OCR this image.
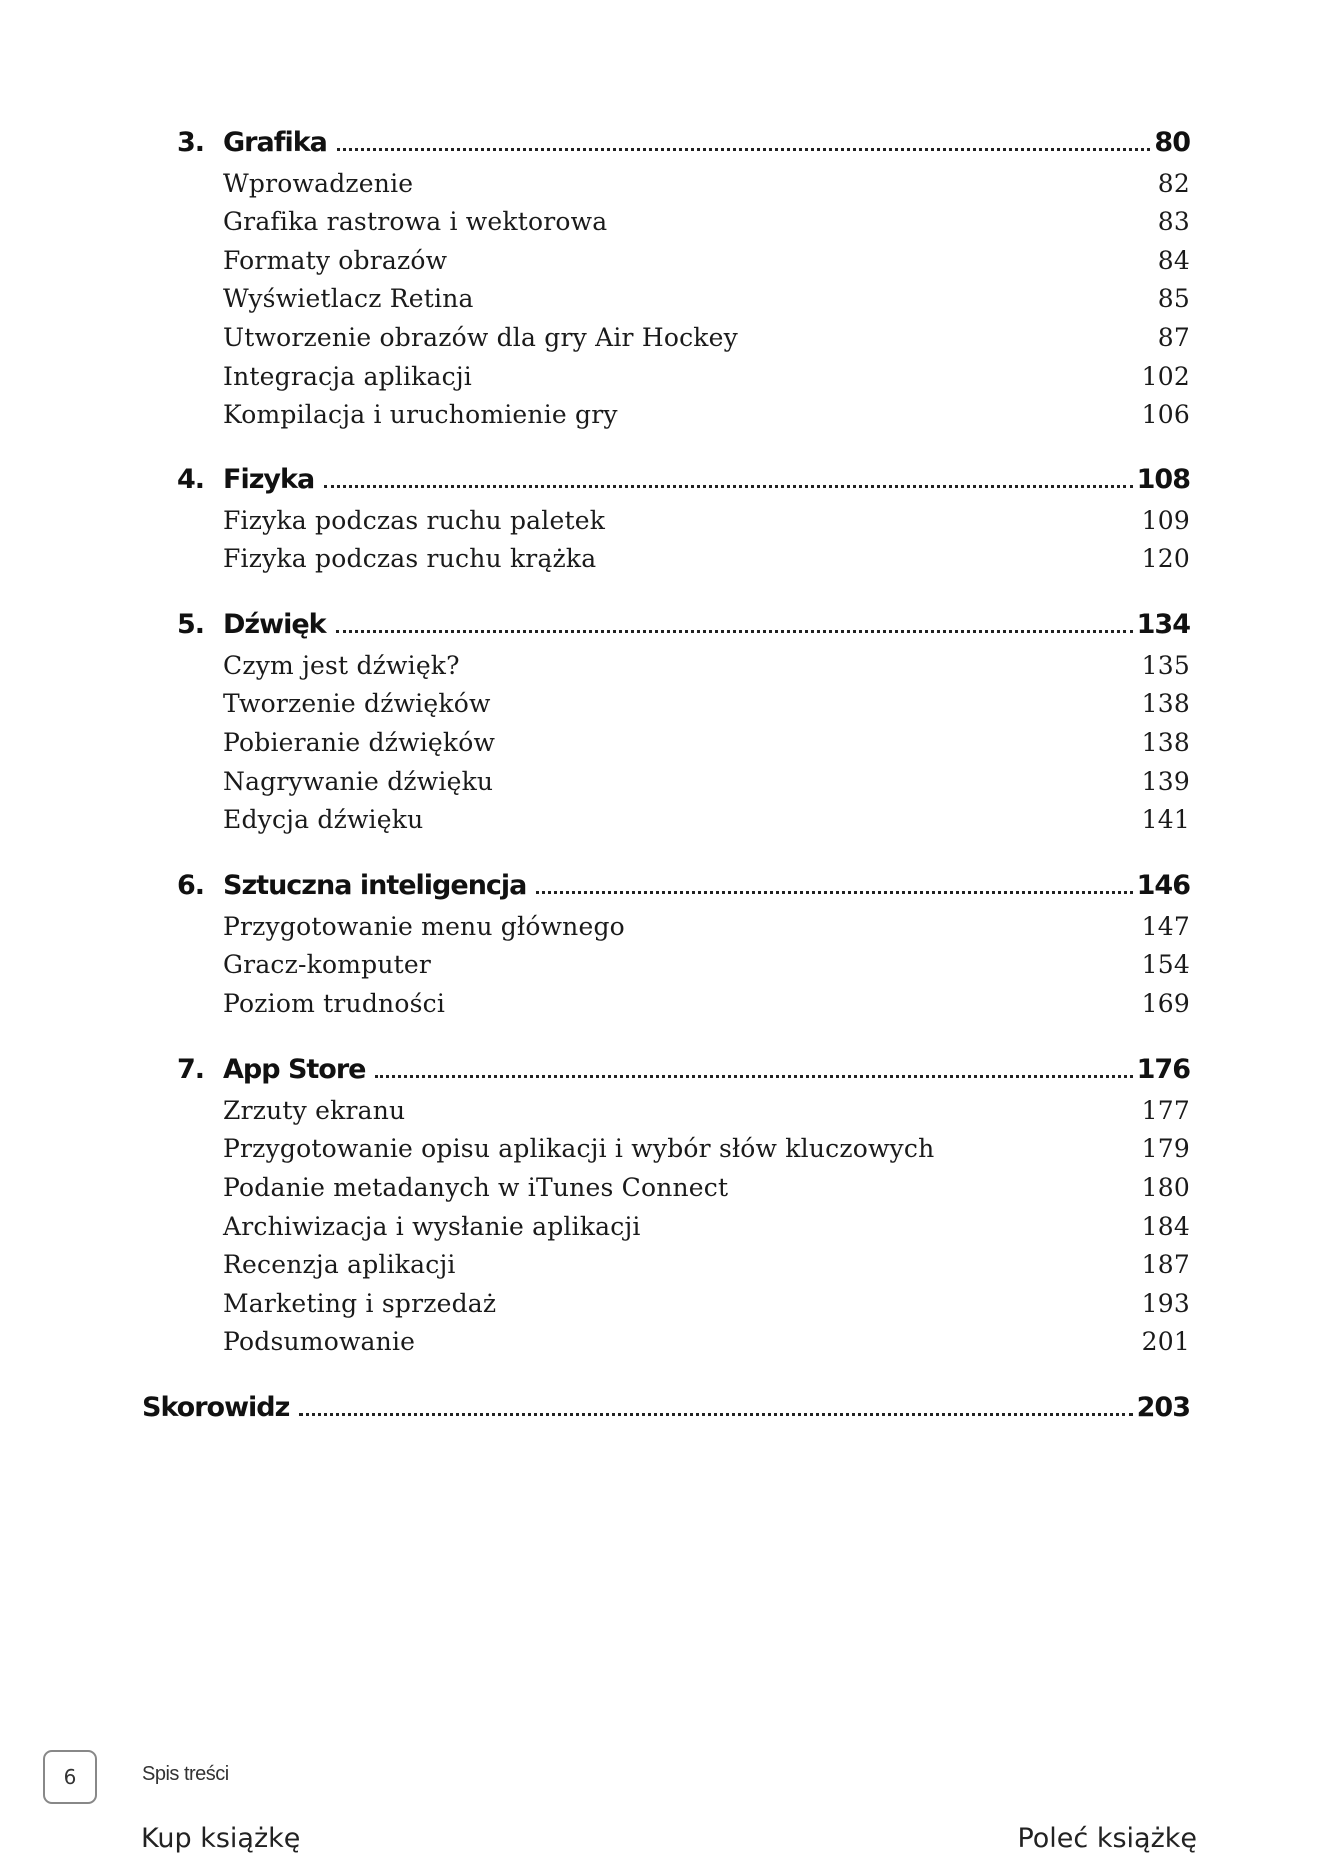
3. Grafika	80
Wprowadzenie	82
Grafika rastrowa i wektorowa	83
Formaty obrazów	84
Wyświetlacz Retina	85
Utworzenie obrazów dla gry Air Hockey	87
Integracja aplikacji	102
Kompilacja i uruchomienie gry	106
4. Fizyka	108
Fizyka podczas ruchu paletek	109
Fizyka podczas ruchu krążka	120
5. Dźwięk	134
Czym jest dźwięk?	135
Tworzenie dźwięków	138
Pobieranie dźwięków	138
Nagrywanie dźwięku	139
Edycja dźwięku	141
6. Sztuczna inteligencja	146
Przygotowanie menu głównego	147
Gracz-komputer	154
Poziom trudności	169
7. App Store	176
Zrzuty ekranu	177
Przygotowanie opisu aplikacji i wybór słów kluczowych	179
Podanie metadanych w iTunes Connect	180
Archiwizacja i wysłanie aplikacji	184
Recenzja aplikacji	187
Marketing i sprzedaż	193
Podsumowanie	201
Skorowidz	203
6	Spis treści
Kup książkę	Poleć książkę
